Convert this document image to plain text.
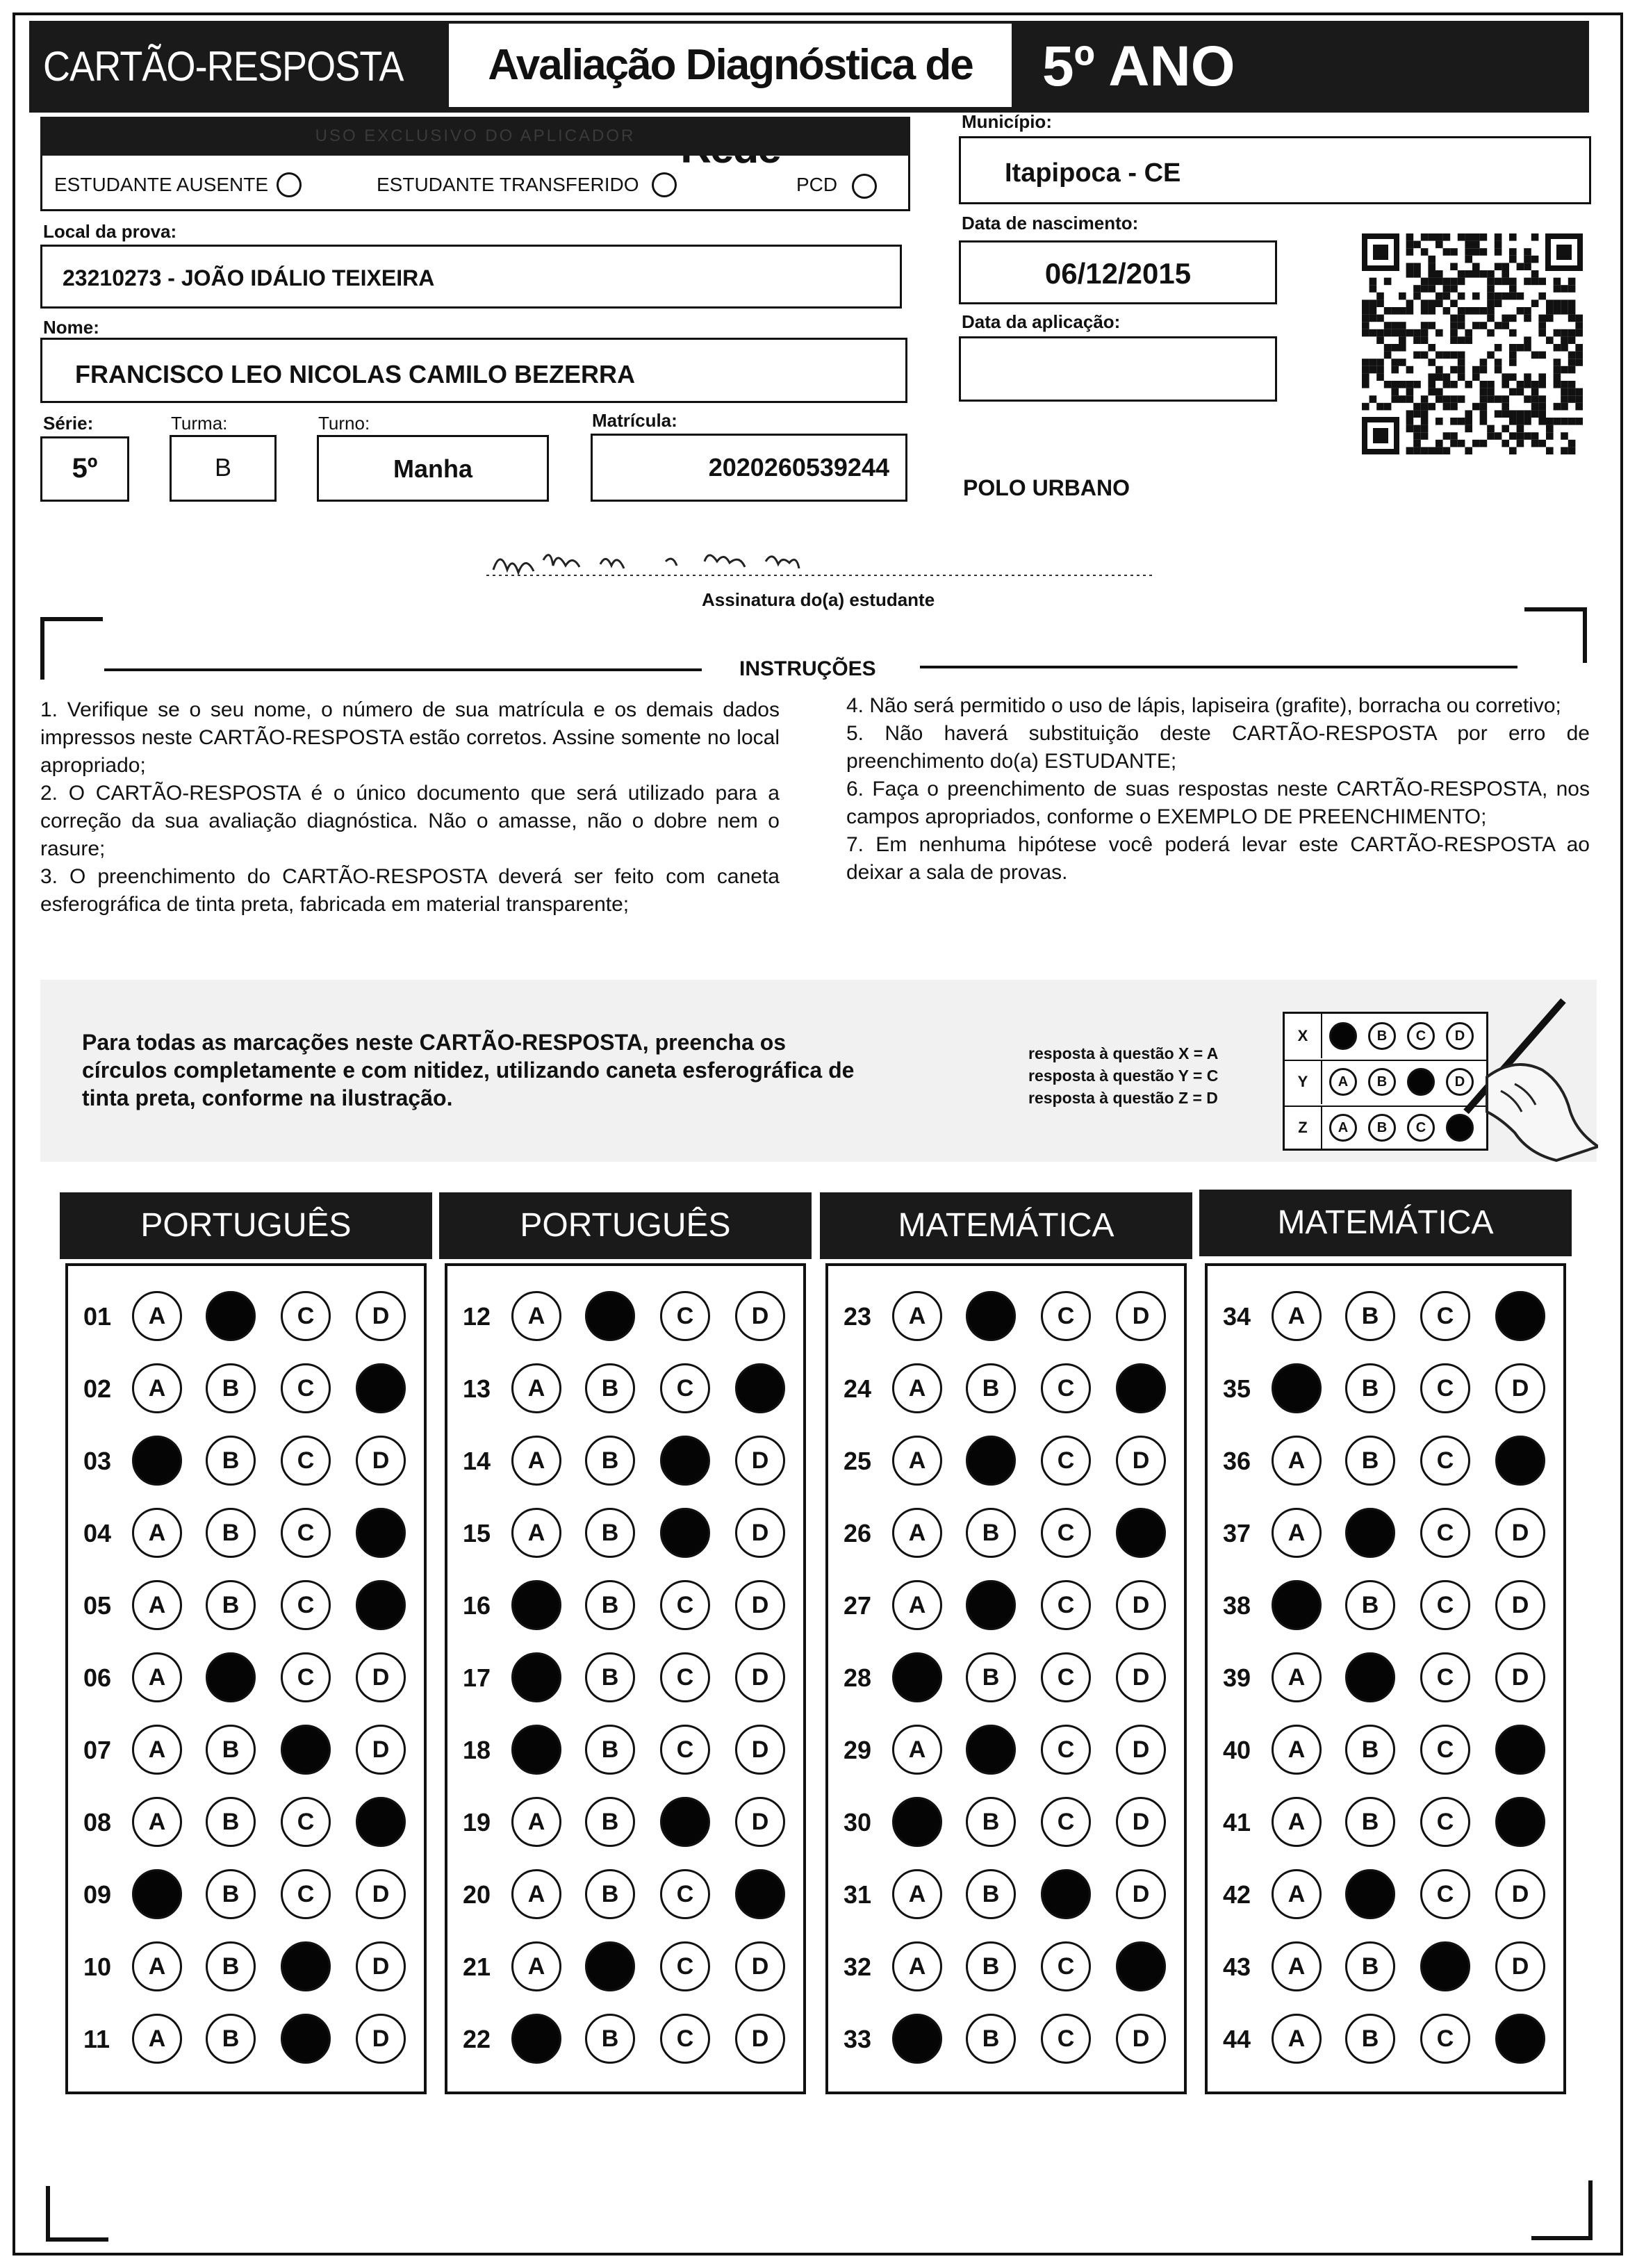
CARTÃO-RESPOSTA	Avaliação Diagnóstica de	5º ANO
USO EXCLUSIVO DO APLICADOR
ESTUDANTE AUSENTE	ESTUDANTE TRANSFERIDO	PCD
Local da prova:
23210273 - JOÃO IDÁLIO TEIXEIRA
Nome:
FRANCISCO LEO NICOLAS CAMILO BEZERRA
Série:
5º
Turma:
B
Turno:
Manha
Matrícula:
2020260539244
Município:
Itapipoca - CE
Data de nascimento:
06/12/2015
Data da aplicação:
POLO URBANO
Assinatura do(a) estudante
INSTRUÇÕES

1. Verifique se o seu nome, o número de sua matrícula e os demais dados impressos neste CARTÃO-RESPOSTA estão corretos. Assine somente no local apropriado;

2. O CARTÃO-RESPOSTA é o único documento que será utilizado para a correção da sua avaliação diagnóstica. Não o amasse, não o dobre nem o rasure;

3. O preenchimento do CARTÃO-RESPOSTA deverá ser feito com caneta esferográfica de tinta preta, fabricada em material transparente;

4. Não será permitido o uso de lápis, lapiseira (grafite), borracha ou corretivo;

5. Não haverá substituição deste CARTÃO-RESPOSTA por erro de preenchimento do(a) ESTUDANTE;

6. Faça o preenchimento de suas respostas neste CARTÃO-RESPOSTA, nos campos apropriados, conforme o EXEMPLO DE PREENCHIMENTO;

7. Em nenhuma hipótese você poderá levar este CARTÃO-RESPOSTA ao deixar a sala de provas.

Para todas as marcações neste CARTÃO-RESPOSTA, preencha os círculos completamente e com nitidez, utilizando caneta esferográfica de tinta preta, conforme na ilustração.
resposta à questão X = A
resposta à questão Y = C
resposta à questão Z = D
X	A	B	C	D
Y	A	B	C	D
Z	A	B	C	D
PORTUGUÊS
01	A	B	C	D
02	A	B	C	D
03	A	B	C	D
04	A	B	C	D
05	A	B	C	D
06	A	B	C	D
07	A	B	C	D
08	A	B	C	D
09	A	B	C	D
10	A	B	C	D
11	A	B	C	D
PORTUGUÊS
12	A	B	C	D
13	A	B	C	D
14	A	B	C	D
15	A	B	C	D
16	A	B	C	D
17	A	B	C	D
18	A	B	C	D
19	A	B	C	D
20	A	B	C	D
21	A	B	C	D
22	A	B	C	D
MATEMÁTICA
23	A	B	C	D
24	A	B	C	D
25	A	B	C	D
26	A	B	C	D
27	A	B	C	D
28	A	B	C	D
29	A	B	C	D
30	A	B	C	D
31	A	B	C	D
32	A	B	C	D
33	A	B	C	D
MATEMÁTICA
34	A	B	C	D
35	A	B	C	D
36	A	B	C	D
37	A	B	C	D
38	A	B	C	D
39	A	B	C	D
40	A	B	C	D
41	A	B	C	D
42	A	B	C	D
43	A	B	C	D
44	A	B	C	D
